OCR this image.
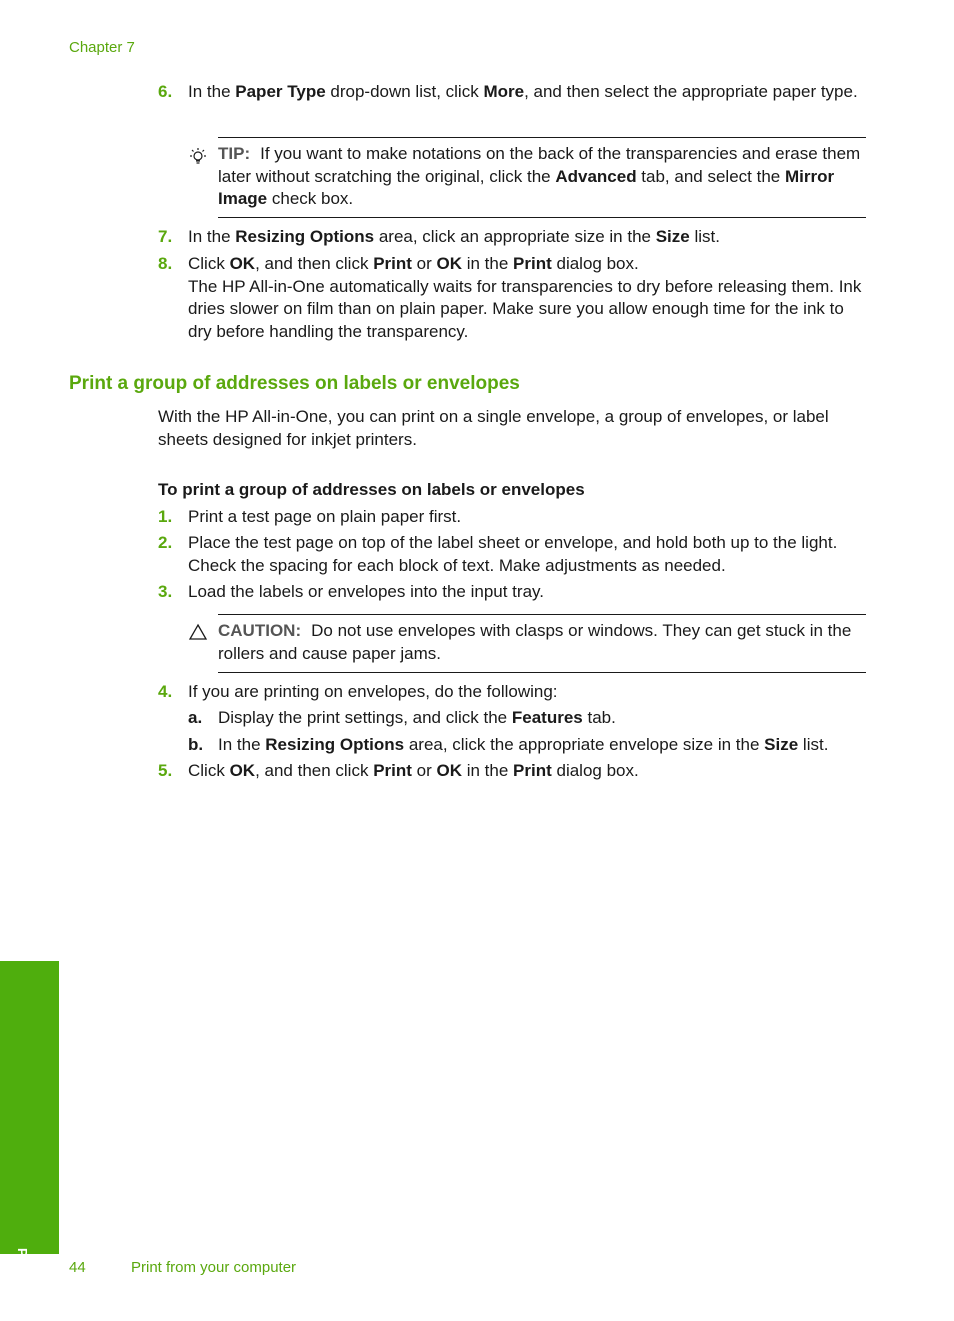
Chapter 7
6. In the Paper Type drop-down list, click More, and then select the appropriate paper type.
TIP: If you want to make notations on the back of the transparencies and erase them later without scratching the original, click the Advanced tab, and select the Mirror Image check box.
7. In the Resizing Options area, click an appropriate size in the Size list.
8. Click OK, and then click Print or OK in the Print dialog box.
The HP All-in-One automatically waits for transparencies to dry before releasing them. Ink dries slower on film than on plain paper. Make sure you allow enough time for the ink to dry before handling the transparency.
Print a group of addresses on labels or envelopes
With the HP All-in-One, you can print on a single envelope, a group of envelopes, or label sheets designed for inkjet printers.
To print a group of addresses on labels or envelopes
1. Print a test page on plain paper first.
2. Place the test page on top of the label sheet or envelope, and hold both up to the light. Check the spacing for each block of text. Make adjustments as needed.
3. Load the labels or envelopes into the input tray.
CAUTION: Do not use envelopes with clasps or windows. They can get stuck in the rollers and cause paper jams.
4. If you are printing on envelopes, do the following:
a. Display the print settings, and click the Features tab.
b. In the Resizing Options area, click the appropriate envelope size in the Size list.
5. Click OK, and then click Print or OK in the Print dialog box.
Print	44	Print from your computer
